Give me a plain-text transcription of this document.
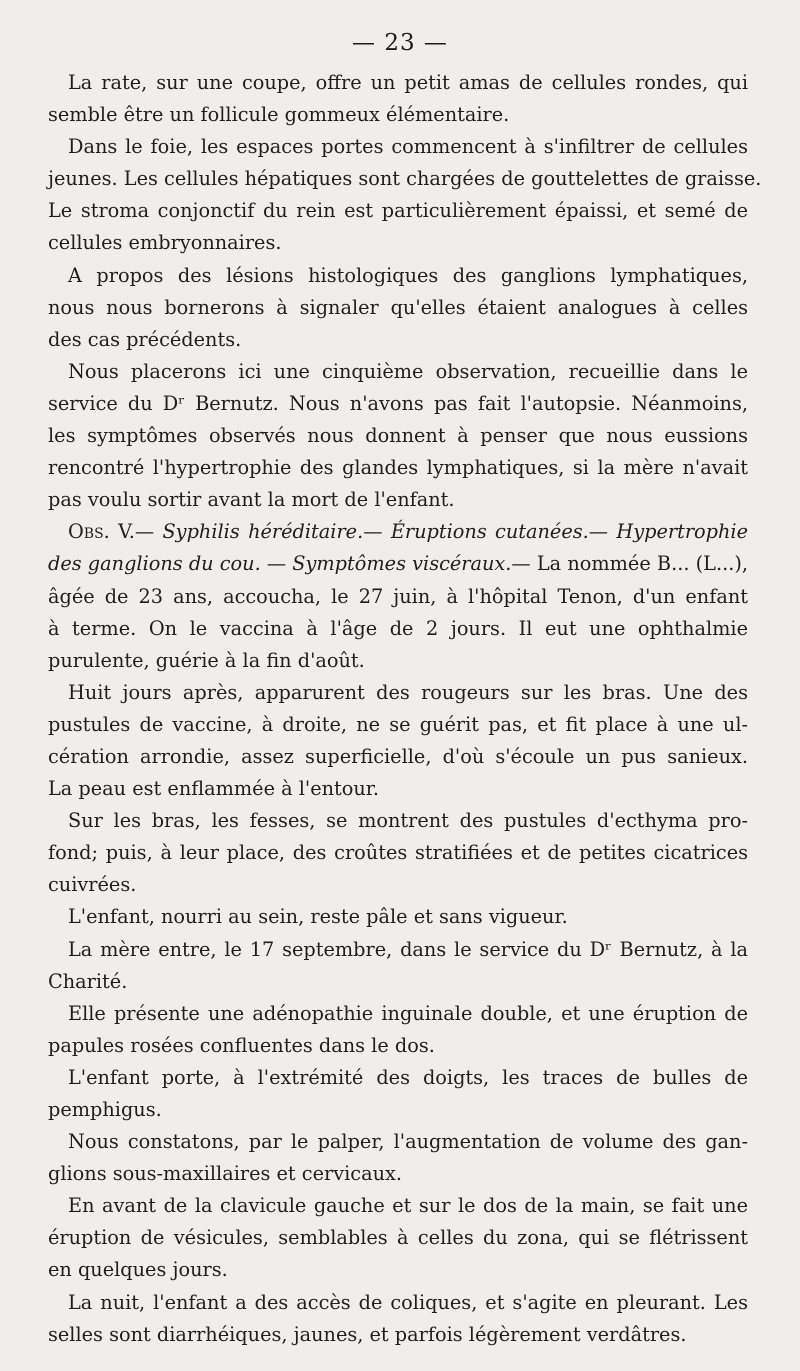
— 23 —
La rate, sur une coupe, offre un petit amas de cellules rondes, qui
semble être un follicule gommeux élémentaire.
Dans le foie, les espaces portes commencent à s'infiltrer de cellules
jeunes. Les cellules hépatiques sont chargées de gouttelettes de graisse.
Le stroma conjonctif du rein est particulièrement épaissi, et semé de
cellules embryonnaires.
A propos des lésions histologiques des ganglions lymphatiques,
nous nous bornerons à signaler qu'elles étaient analogues à celles
des cas précédents.
Nous placerons ici une cinquième observation, recueillie dans le
service du Dʳ Bernutz. Nous n'avons pas fait l'autopsie. Néanmoins,
les symptômes observés nous donnent à penser que nous eussions
rencontré l'hypertrophie des glandes lymphatiques, si la mère n'avait
pas voulu sortir avant la mort de l'enfant.
Obs. V.— Syphilis héréditaire.— Éruptions cutanées.— Hypertrophie
des ganglions du cou. — Symptômes viscéraux.— La nommée B... (L...),
âgée de 23 ans, accoucha, le 27 juin, à l'hôpital Tenon, d'un enfant
à terme. On le vaccina à l'âge de 2 jours. Il eut une ophthalmie
purulente, guérie à la fin d'août.
Huit jours après, apparurent des rougeurs sur les bras. Une des
pustules de vaccine, à droite, ne se guérit pas, et fit place à une ul-
cération arrondie, assez superficielle, d'où s'écoule un pus sanieux.
La peau est enflammée à l'entour.
Sur les bras, les fesses, se montrent des pustules d'ecthyma pro-
fond; puis, à leur place, des croûtes stratifiées et de petites cicatrices
cuivrées.
L'enfant, nourri au sein, reste pâle et sans vigueur.
La mère entre, le 17 septembre, dans le service du Dʳ Bernutz, à la
Charité.
Elle présente une adénopathie inguinale double, et une éruption de
papules rosées confluentes dans le dos.
L'enfant porte, à l'extrémité des doigts, les traces de bulles de
pemphigus.
Nous constatons, par le palper, l'augmentation de volume des gan-
glions sous-maxillaires et cervicaux.
En avant de la clavicule gauche et sur le dos de la main, se fait une
éruption de vésicules, semblables à celles du zona, qui se flétrissent
en quelques jours.
La nuit, l'enfant a des accès de coliques, et s'agite en pleurant. Les
selles sont diarrhéiques, jaunes, et parfois légèrement verdâtres.
